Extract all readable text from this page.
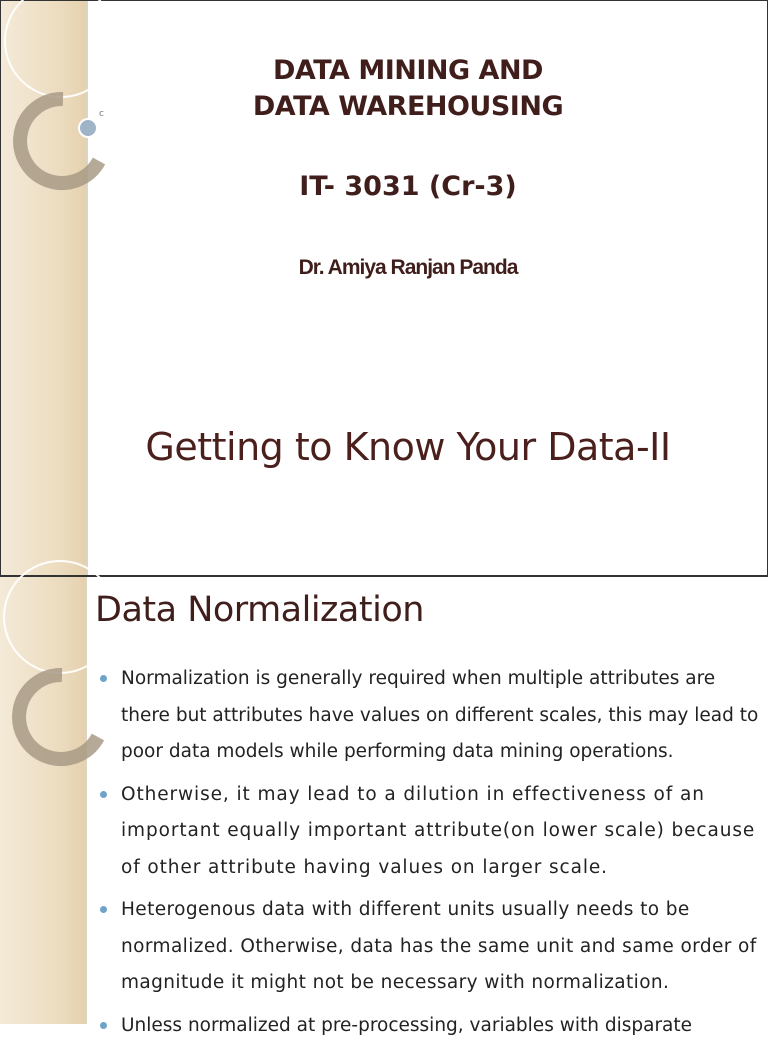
c
DATA MINING AND
DATA WAREHOUSING
IT- 3031 (Cr-3)
Dr. Amiya Ranjan Panda
Getting to Know Your Data-II
Data Normalization
Normalization is generally required when multiple attributes are there but attributes have values on different scales, this may lead to poor data models while performing data mining operations.
Otherwise, it may lead to a dilution in effectiveness of an important equally important attribute(on lower scale) because of other attribute having values on larger scale.
Heterogenous data with different units usually needs to be normalized. Otherwise, data has the same unit and same order of magnitude it might not be necessary with normalization.
Unless normalized at pre-processing, variables with disparate
